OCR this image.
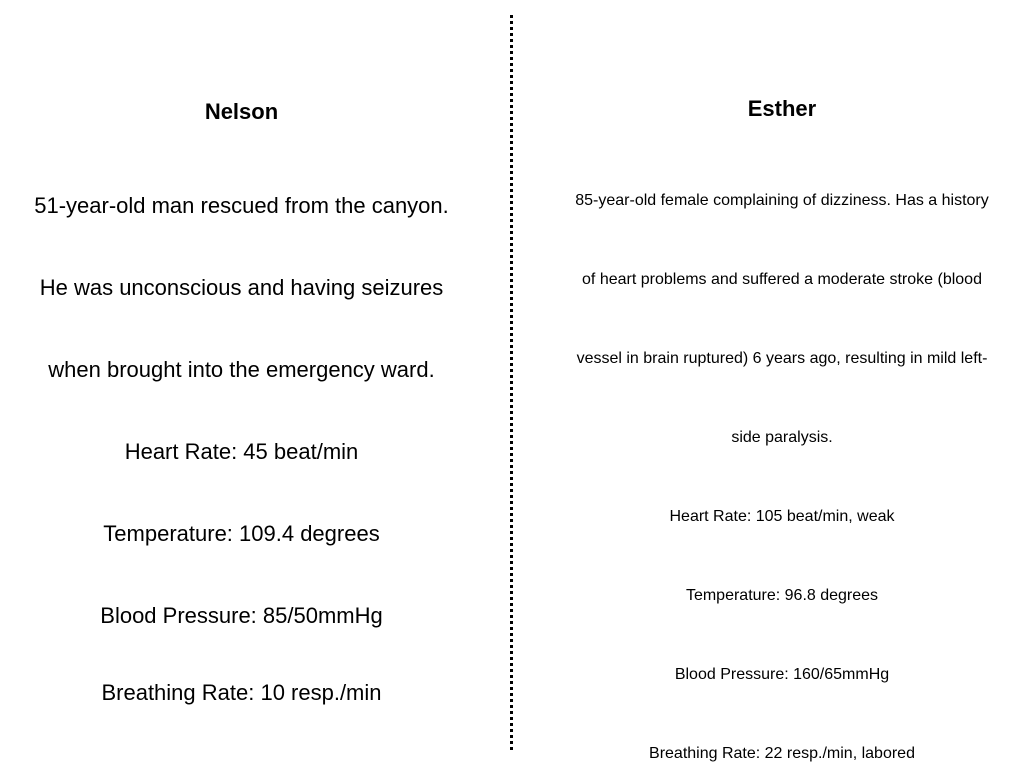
Nelson
51-year-old man rescued from the canyon.
He was unconscious and having seizures
when brought into the emergency ward.
Heart Rate: 45 beat/min
Temperature: 109.4 degrees
Blood Pressure: 85/50mmHg
Breathing Rate: 10 resp./min
Esther
85-year-old female complaining of dizziness. Has a history
of heart problems and suffered a moderate stroke (blood
vessel in brain ruptured) 6 years ago, resulting in mild left-
side paralysis.
Heart Rate: 105 beat/min, weak
Temperature: 96.8 degrees
Blood Pressure: 160/65mmHg
Breathing Rate: 22 resp./min, labored
